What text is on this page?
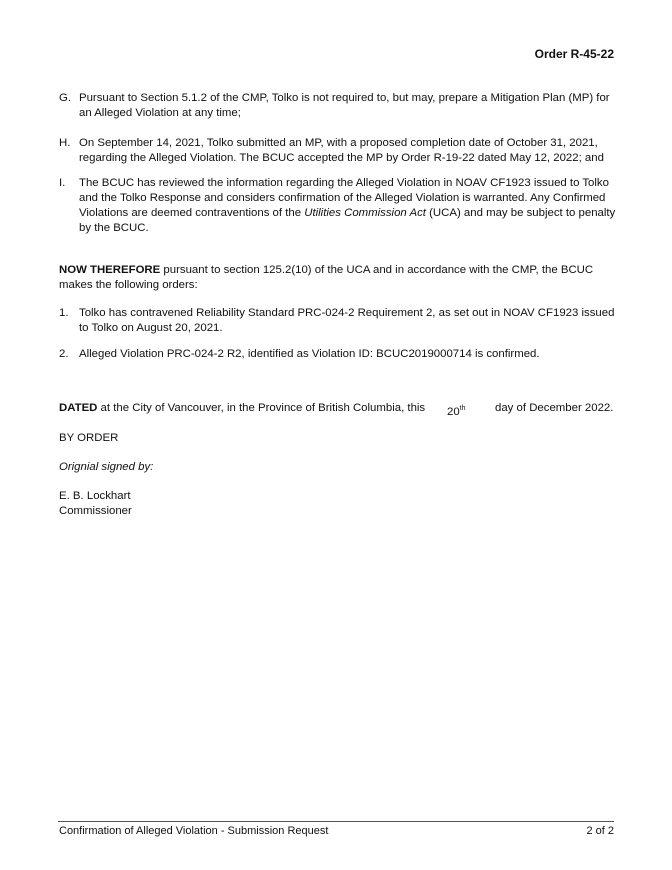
Order R-45-22
G. Pursuant to Section 5.1.2 of the CMP, Tolko is not required to, but may, prepare a Mitigation Plan (MP) for an Alleged Violation at any time;
H. On September 14, 2021, Tolko submitted an MP, with a proposed completion date of October 31, 2021, regarding the Alleged Violation. The BCUC accepted the MP by Order R-19-22 dated May 12, 2022; and
I. The BCUC has reviewed the information regarding the Alleged Violation in NOAV CF1923 issued to Tolko and the Tolko Response and considers confirmation of the Alleged Violation is warranted. Any Confirmed Violations are deemed contraventions of the Utilities Commission Act (UCA) and may be subject to penalty by the BCUC.
NOW THEREFORE pursuant to section 125.2(10) of the UCA and in accordance with the CMP, the BCUC makes the following orders:
1. Tolko has contravened Reliability Standard PRC-024-2 Requirement 2, as set out in NOAV CF1923 issued to Tolko on August 20, 2021.
2. Alleged Violation PRC-024-2 R2, identified as Violation ID: BCUC2019000714 is confirmed.
DATED at the City of Vancouver, in the Province of British Columbia, this 20th	day of December 2022.
BY ORDER
Orignial signed by:
E. B. Lockhart
Commissioner
Confirmation of Alleged Violation - Submission Request	2 of 2
